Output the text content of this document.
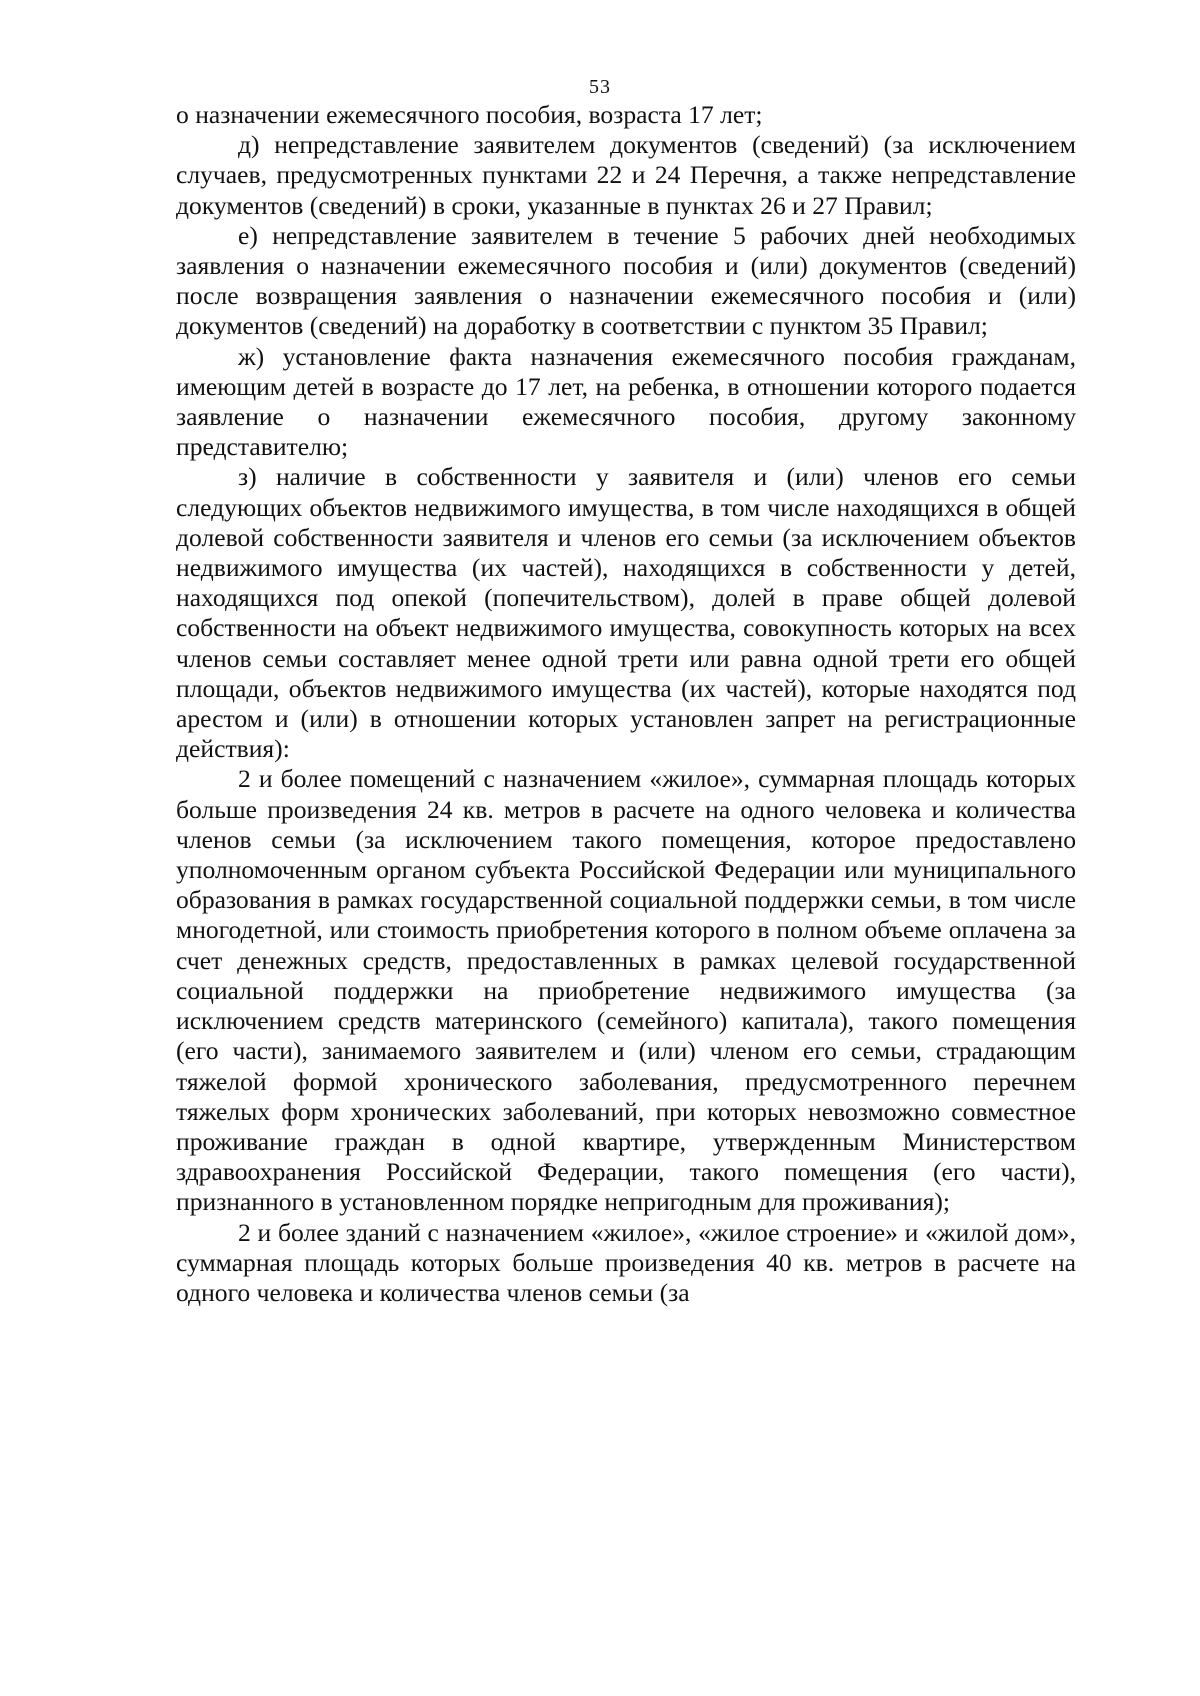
53

о назначении ежемесячного пособия, возраста 17 лет;

д) непредставление заявителем документов (сведений) (за исключением случаев, предусмотренных пунктами 22 и 24 Перечня, а также непредставление документов (сведений) в сроки, указанные в пунктах 26 и 27 Правил;

е) непредставление заявителем в течение 5 рабочих дней необходимых заявления о назначении ежемесячного пособия и (или) документов (сведений) после возвращения заявления о назначении ежемесячного пособия и (или) документов (сведений) на доработку в соответствии с пунктом 35 Правил;

ж) установление факта назначения ежемесячного пособия гражданам, имеющим детей в возрасте до 17 лет, на ребенка, в отношении которого подается заявление о назначении ежемесячного пособия, другому законному представителю;

з) наличие в собственности у заявителя и (или) членов его семьи следующих объектов недвижимого имущества, в том числе находящихся в общей долевой собственности заявителя и членов его семьи (за исключением объектов недвижимого имущества (их частей), находящихся в собственности у детей, находящихся под опекой (попечительством), долей в праве общей долевой собственности на объект недвижимого имущества, совокупность которых на всех членов семьи составляет менее одной трети или равна одной трети его общей площади, объектов недвижимого имущества (их частей), которые находятся под арестом и (или) в отношении которых установлен запрет на регистрационные действия):

2 и более помещений с назначением «жилое», суммарная площадь которых больше произведения 24 кв. метров в расчете на одного человека и количества членов семьи (за исключением такого помещения, которое предоставлено уполномоченным органом субъекта Российской Федерации или муниципального образования в рамках государственной социальной поддержки семьи, в том числе многодетной, или стоимость приобретения которого в полном объеме оплачена за счет денежных средств, предоставленных в рамках целевой государственной социальной поддержки на приобретение недвижимого имущества (за исключением средств материнского (семейного) капитала), такого помещения (его части), занимаемого заявителем и (или) членом его семьи, страдающим тяжелой формой хронического заболевания, предусмотренного перечнем тяжелых форм хронических заболеваний, при которых невозможно совместное проживание граждан в одной квартире, утвержденным Министерством здравоохранения Российской Федерации, такого помещения (его части), признанного в установленном порядке непригодным для проживания);

2 и более зданий с назначением «жилое», «жилое строение» и «жилой дом», суммарная площадь которых больше произведения 40 кв. метров в расчете на одного человека и количества членов семьи (за
